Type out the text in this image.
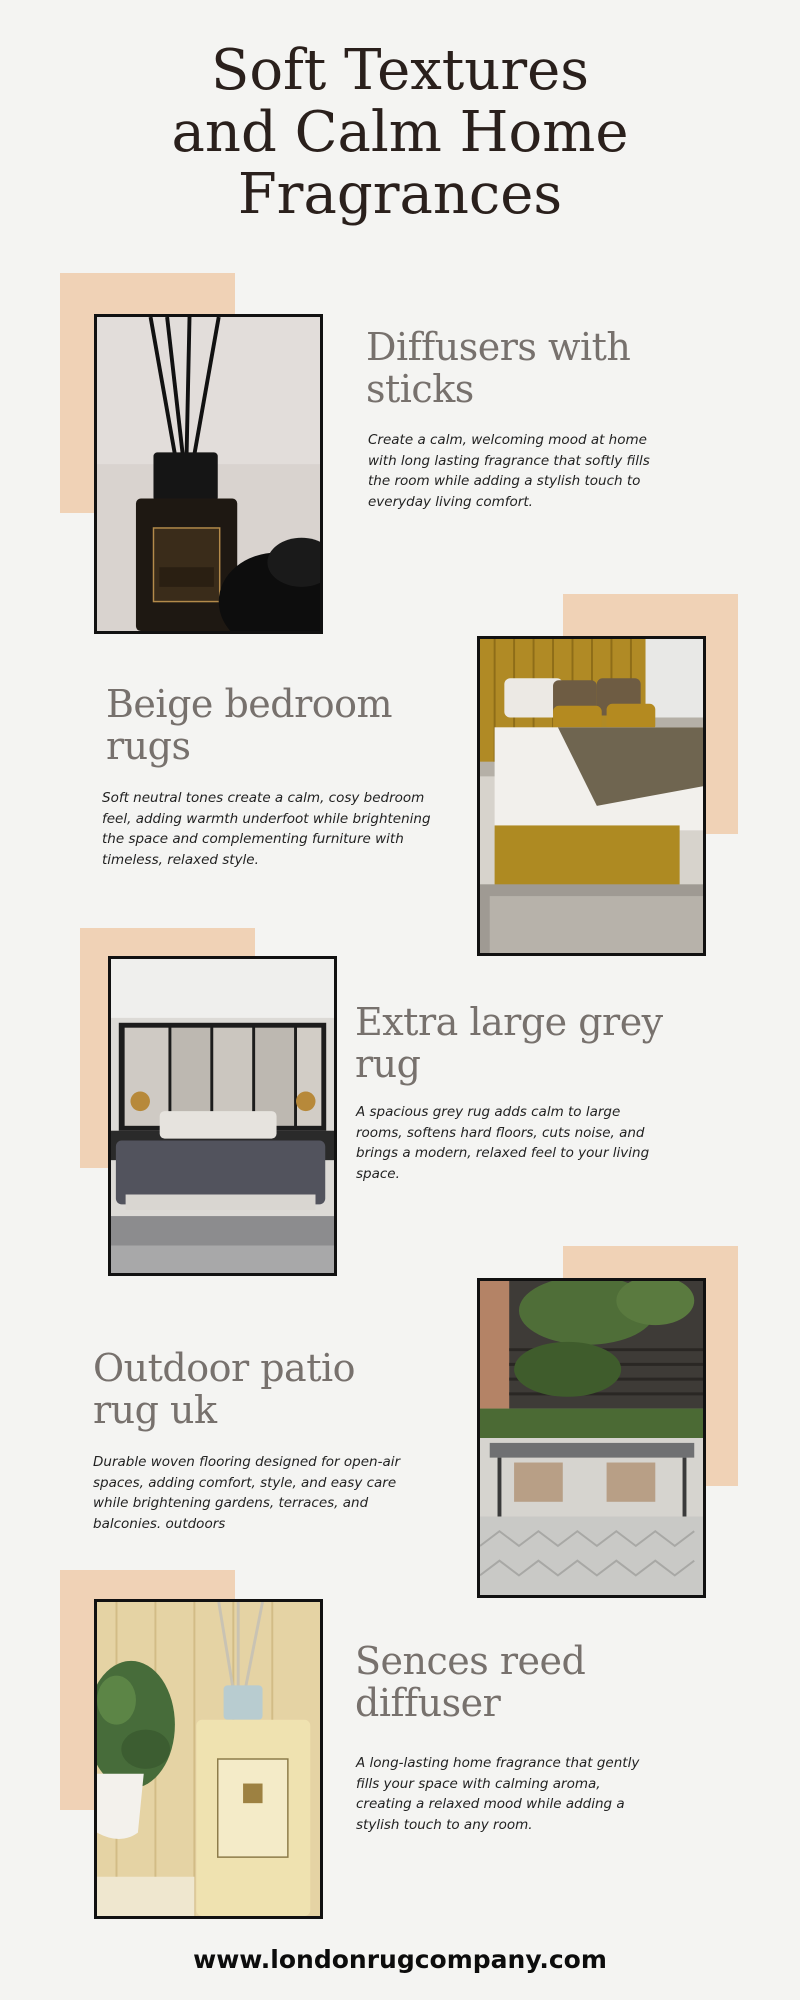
Soft Textures
and Calm Home
Fragrances
Diffusers with sticks

Create a calm, welcoming mood at home with long lasting fragrance that softly fills the room while adding a stylish touch to everyday living comfort.

Beige bedroom rugs

Soft neutral tones create a calm, cosy bedroom feel, adding warmth underfoot while brightening the space and complementing furniture with timeless, relaxed style.

Extra large grey rug

A spacious grey rug adds calm to large rooms, softens hard floors, cuts noise, and brings a modern, relaxed feel to your living space.

Outdoor patio rug uk

Durable woven flooring designed for open-air spaces, adding comfort, style, and easy care while brightening gardens, terraces, and balconies. outdoors

Sences reed diffuser

A long-lasting home fragrance that gently fills your space with calming aroma, creating a relaxed mood while adding a stylish touch to any room.

www.londonrugcompany.com
